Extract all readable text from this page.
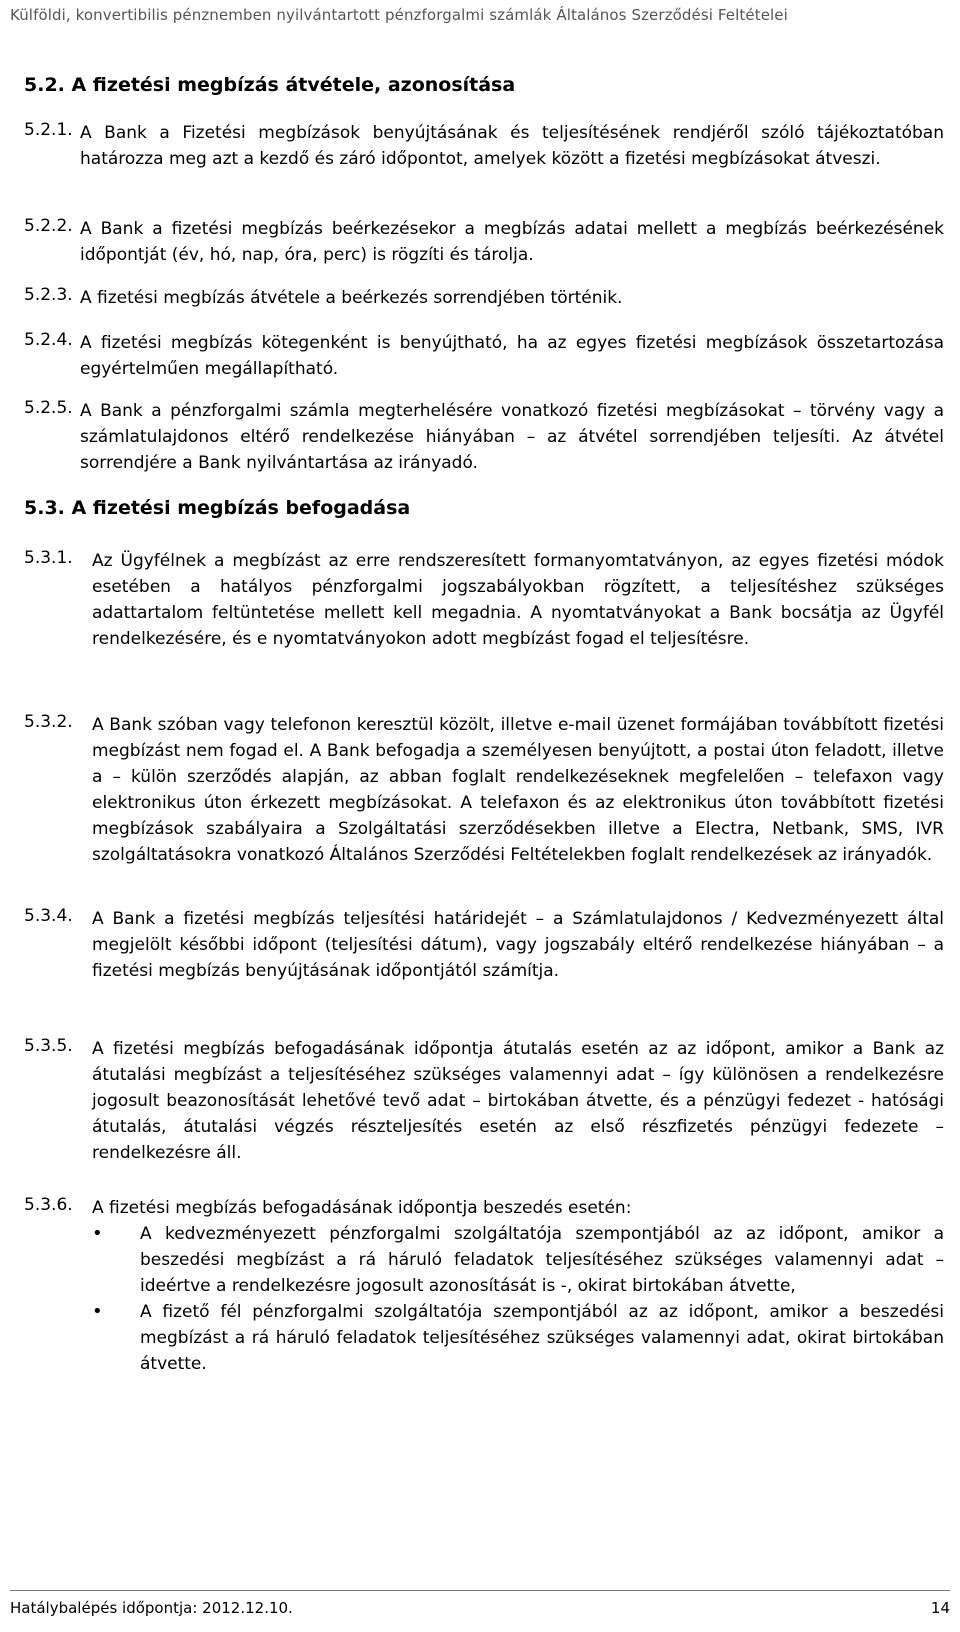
Külföldi, konvertibilis pénznemben nyilvántartott pénzforgalmi számlák Általános Szerződési Feltételei
5.2. A fizetési megbízás átvétele, azonosítása
5.2.1. A Bank a Fizetési megbízások benyújtásának és teljesítésének rendjéről szóló tájékoztatóban határozza meg azt a kezdő és záró időpontot, amelyek között a fizetési megbízásokat átveszi.
5.2.2. A Bank a fizetési megbízás beérkezésekor a megbízás adatai mellett a megbízás beérkezésének időpontját (év, hó, nap, óra, perc) is rögzíti és tárolja.
5.2.3. A fizetési megbízás átvétele a beérkezés sorrendjében történik.
5.2.4. A fizetési megbízás kötegenként is benyújtható, ha az egyes fizetési megbízások összetartozása egyértelműen megállapítható.
5.2.5. A Bank a pénzforgalmi számla megterhelésére vonatkozó fizetési megbízásokat – törvény vagy a számlatulajdonos eltérő rendelkezése hiányában – az átvétel sorrendjében teljesíti. Az átvétel sorrendjére a Bank nyilvántartása az irányadó.
5.3. A fizetési megbízás befogadása
5.3.1. Az Ügyfélnek a megbízást az erre rendszeresített formanyomtatványon, az egyes fizetési módok esetében a hatályos pénzforgalmi jogszabályokban rögzített, a teljesítéshez szükséges adattartalom feltüntetése mellett kell megadnia. A nyomtatványokat a Bank bocsátja az Ügyfél rendelkezésére, és e nyomtatványokon adott megbízást fogad el teljesítésre.
5.3.2. A Bank szóban vagy telefonon keresztül közölt, illetve e-mail üzenet formájában továbbított fizetési megbízást nem fogad el. A Bank befogadja a személyesen benyújtott, a postai úton feladott, illetve a – külön szerződés alapján, az abban foglalt rendelkezéseknek megfelelően – telefaxon vagy elektronikus úton érkezett megbízásokat. A telefaxon és az elektronikus úton továbbított fizetési megbízások szabályaira a Szolgáltatási szerződésekben illetve a Electra, Netbank, SMS, IVR szolgáltatásokra vonatkozó Általános Szerződési Feltételekben foglalt rendelkezések az irányadók.
5.3.4. A Bank a fizetési megbízás teljesítési határidejét – a Számlatulajdonos / Kedvezményezett által megjelölt későbbi időpont (teljesítési dátum), vagy jogszabály eltérő rendelkezése hiányában – a fizetési megbízás benyújtásának időpontjától számítja.
5.3.5. A fizetési megbízás befogadásának időpontja átutalás esetén az az időpont, amikor a Bank az átutalási megbízást a teljesítéséhez szükséges valamennyi adat – így különösen a rendelkezésre jogosult beazonosítását lehetővé tevő adat – birtokában átvette, és a pénzügyi fedezet - hatósági átutalás, átutalási végzés részteljesítés esetén az első részfizetés pénzügyi fedezete – rendelkezésre áll.
5.3.6. A fizetési megbízás befogadásának időpontja beszedés esetén:
• A kedvezményezett pénzforgalmi szolgáltatója szempontjából az az időpont, amikor a beszedési megbízást a rá háruló feladatok teljesítéséhez szükséges valamennyi adat – ideértve a rendelkezésre jogosult azonosítását is -, okirat birtokában átvette,
• A fizető fél pénzforgalmi szolgáltatója szempontjából az az időpont, amikor a beszedési megbízást a rá háruló feladatok teljesítéséhez szükséges valamennyi adat, okirat birtokában átvette.
Hatálybalépés időpontja: 2012.12.10.	14
